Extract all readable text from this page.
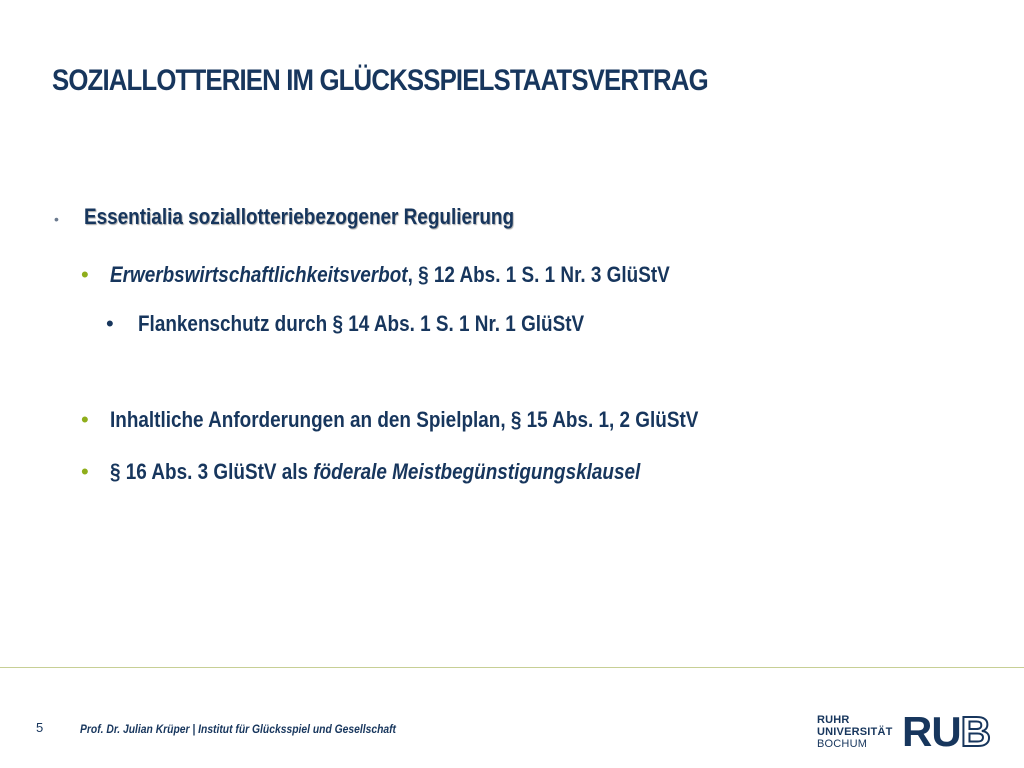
SOZIALLOTTERIEN IM GLÜCKSSPIELSTAATSVERTRAG
•	Essentialia soziallotteriebezogener Regulierung
• Erwerbswirtschaftlichkeitsverbot, § 12 Abs. 1 S. 1 Nr. 3 GlüStV
•	Flankenschutz durch § 14 Abs. 1 S. 1 Nr. 1 GlüStV
• Inhaltliche Anforderungen an den Spielplan, § 15 Abs. 1, 2 GlüStV
• § 16 Abs. 3 GlüStV als föderale Meistbegünstigungsklausel
5	Prof. Dr. Julian Krüper | Institut für Glücksspiel und Gesellschaft
RUHR
UNIVERSITÄT
BOCHUM RUB
